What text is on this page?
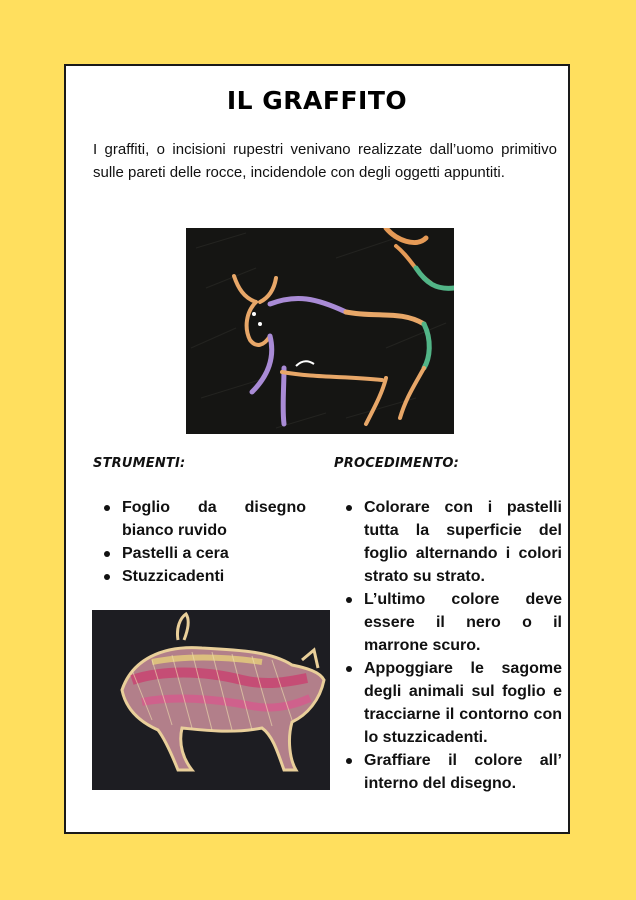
IL GRAFFITO

I graffiti, o incisioni rupestri venivano realizzate dall’uomo primitivo sulle pareti delle rocce, incidendole con degli oggetti appuntiti.

STRUMENTI:	PROCEDIMENTO:
Foglio da disegno bianco ruvido
Pastelli a cera
Stuzzicadenti
Colorare con i pastelli tutta la superficie del foglio alternando i colori strato su strato.
L’ultimo colore deve essere il nero o il marrone scuro.
Appoggiare le sagome degli animali sul foglio e tracciarne il contorno con lo stuzzicadenti.
Graffiare il colore all’ interno del disegno.
